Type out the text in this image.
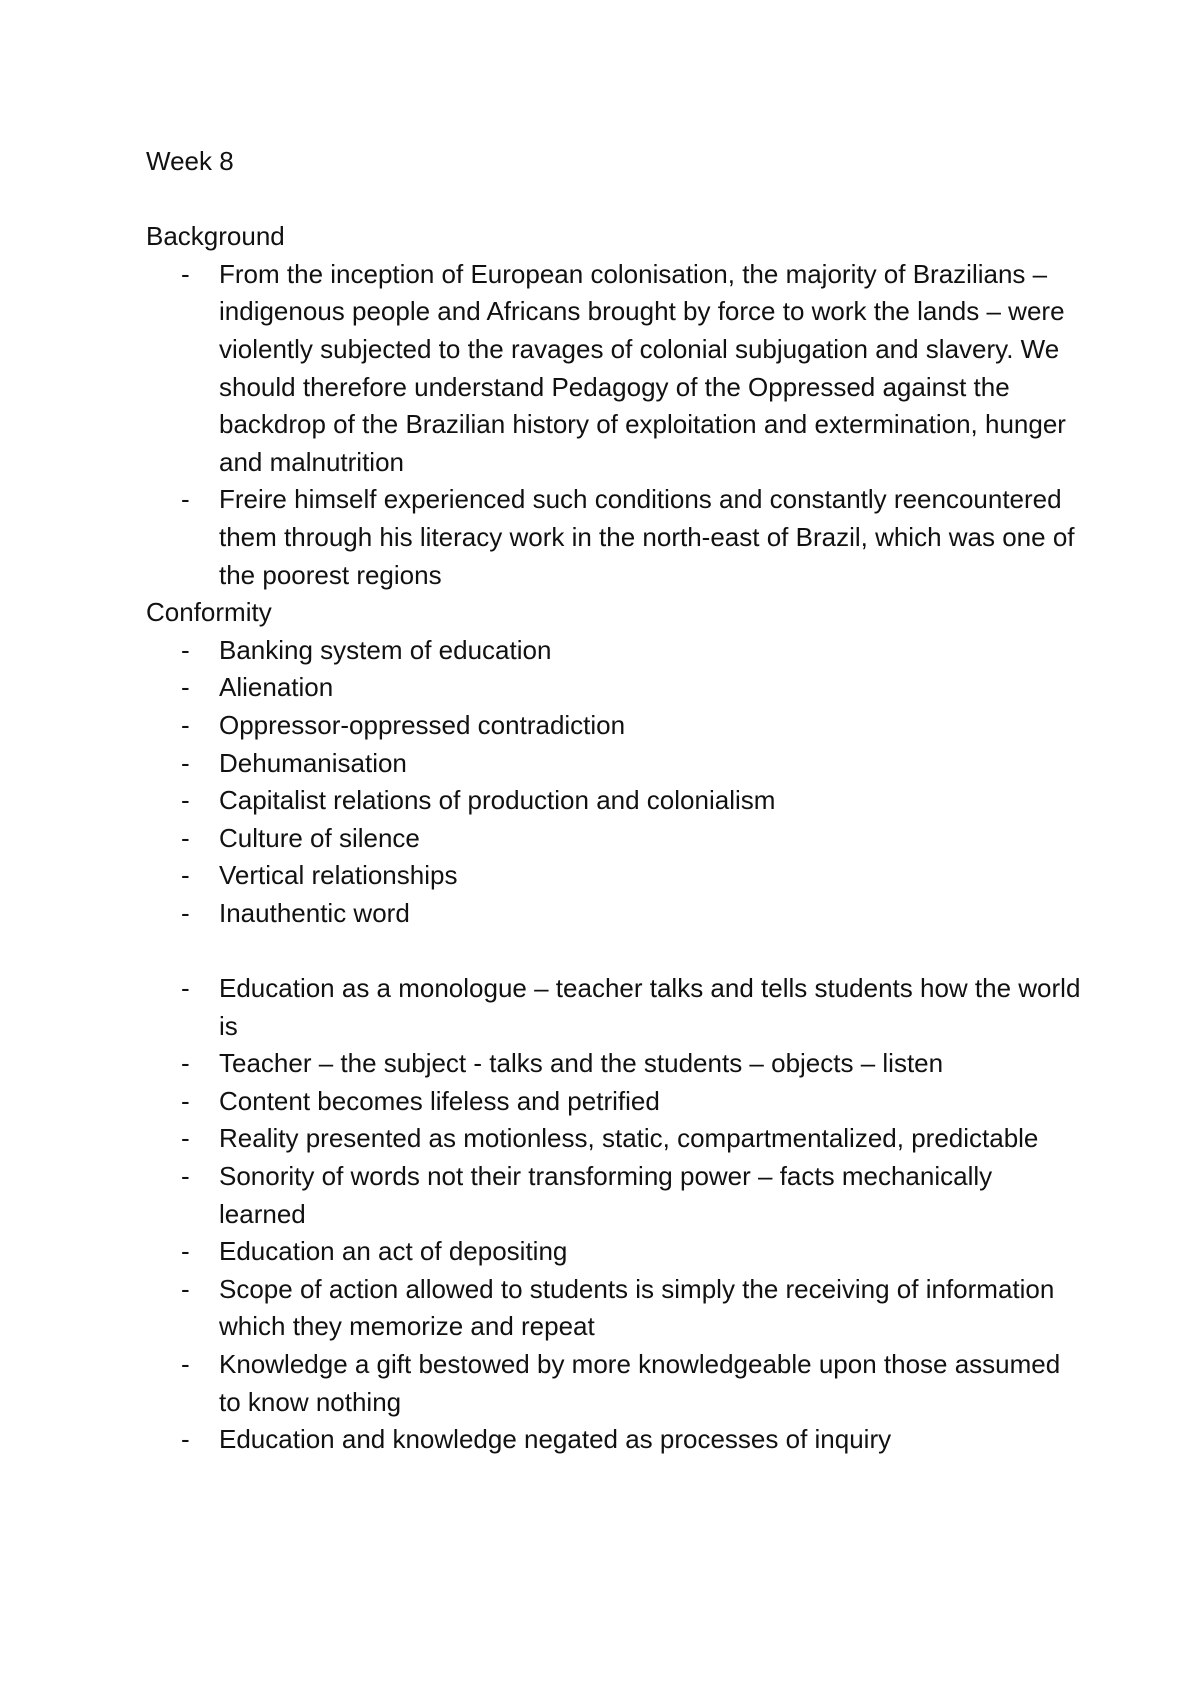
Week 8

Background

- From the inception of European colonisation, the majority of Brazilians – indigenous people and Africans brought by force to work the lands – were violently subjected to the ravages of colonial subjugation and slavery. We should therefore understand Pedagogy of the Oppressed against the backdrop of the Brazilian history of exploitation and extermination, hunger and malnutrition
- Freire himself experienced such conditions and constantly reencountered them through his literacy work in the north-east of Brazil, which was one of the poorest regions

Conformity

- Banking system of education
- Alienation
- Oppressor-oppressed contradiction
- Dehumanisation
- Capitalist relations of production and colonialism
- Culture of silence
- Vertical relationships
- Inauthentic word
- Education as a monologue – teacher talks and tells students how the world is
- Teacher – the subject - talks and the students – objects – listen
- Content becomes lifeless and petrified
- Reality presented as motionless, static, compartmentalized, predictable
- Sonority of words not their transforming power – facts mechanically learned
- Education an act of depositing
- Scope of action allowed to students is simply the receiving of information which they memorize and repeat
- Knowledge a gift bestowed by more knowledgeable upon those assumed to know nothing
- Education and knowledge negated as processes of inquiry
